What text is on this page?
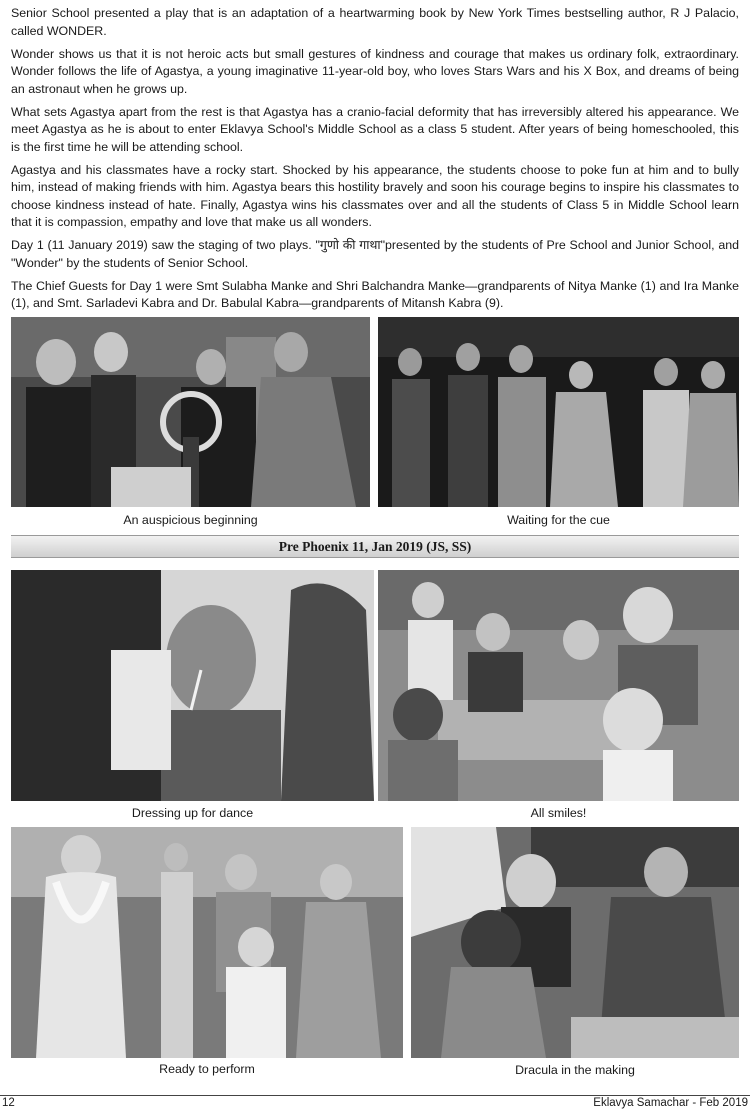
Senior School presented a play that is an adaptation of a heartwarming book by New York Times bestselling author, R J Palacio, called WONDER.

Wonder shows us that it is not heroic acts but small gestures of kindness and courage that makes us ordinary folk, extraordinary. Wonder follows the life of Agastya, a young imaginative 11-year-old boy, who loves Stars Wars and his X Box, and dreams of being an astronaut when he grows up.

What sets Agastya apart from the rest is that Agastya has a cranio-facial deformity that has irreversibly altered his appearance. We meet Agastya as he is about to enter Eklavya School's Middle School as a class 5 student. After years of being homeschooled, this is the first time he will be attending school.

Agastya and his classmates have a rocky start. Shocked by his appearance, the students choose to poke fun at him and to bully him, instead of making friends with him. Agastya bears this hostility bravely and soon his courage begins to inspire his classmates to choose kindness instead of hate. Finally, Agastya wins his classmates over and all the students of Class 5 in Middle School learn that it is compassion, empathy and love that make us all wonders.

Day 1 (11 January 2019) saw the staging of two plays. "गुणो की गाथा"presented by the students of Pre School and Junior School, and "Wonder" by the students of Senior School.

The Chief Guests for Day 1 were Smt Sulabha Manke and Shri Balchandra Manke—grandparents of Nitya Manke (1) and Ira Manke (1), and Smt. Sarladevi Kabra and Dr. Babulal Kabra—grandparents of Mitansh Kabra (9).

An auspicious beginning	Waiting for the cue
Pre Phoenix 11, Jan 2019 (JS, SS)
Dressing up for dance	All smiles!
Ready to perform	Dracula in the making
12	Eklavya Samachar - Feb 2019
